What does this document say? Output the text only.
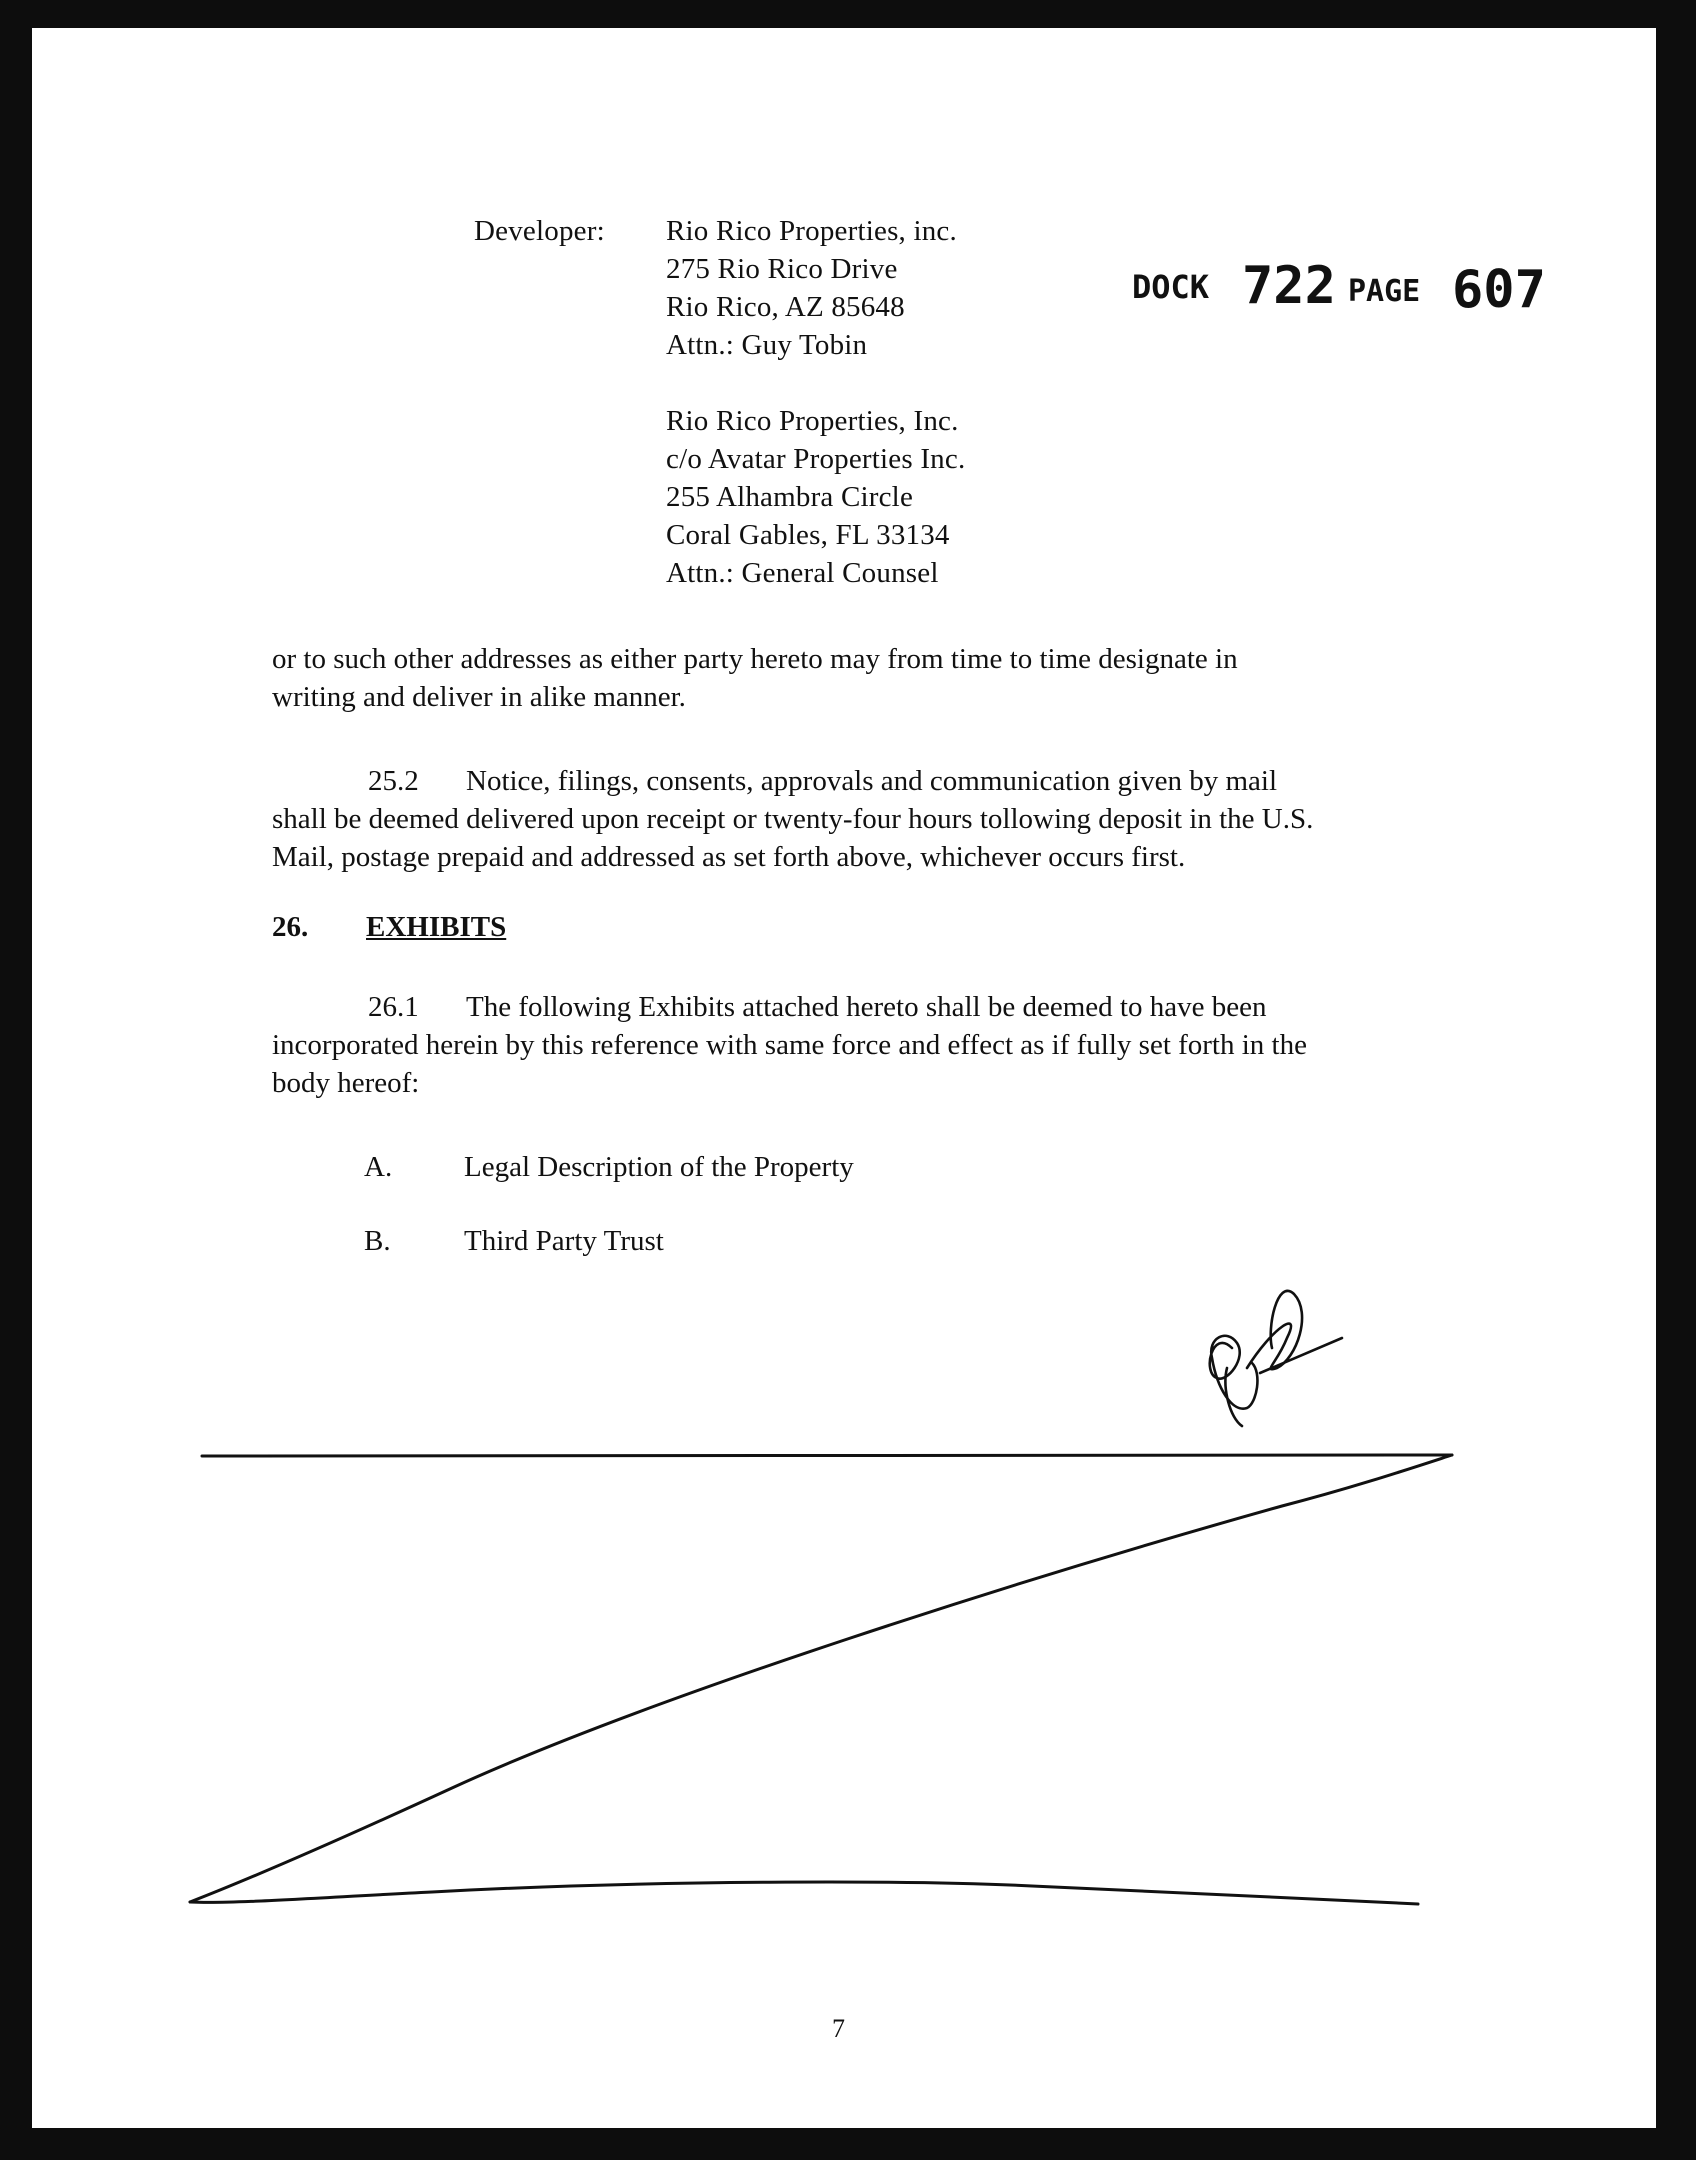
DOCK 722 PAGE 607
Developer: Rio Rico Properties, inc.
275 Rio Rico Drive
Rio Rico, AZ 85648
Attn.: Guy Tobin
Rio Rico Properties, Inc.
c/o Avatar Properties Inc.
255 Alhambra Circle
Coral Gables, FL 33134
Attn.: General Counsel
or to such other addresses as either party hereto may from time to time designate in
writing and deliver in alike manner.
25.2 Notice, filings, consents, approvals and communication given by mail
shall be deemed delivered upon receipt or twenty-four hours tollowing deposit in the U.S.
Mail, postage prepaid and addressed as set forth above, whichever occurs first.
26. EXHIBITS
26.1 The following Exhibits attached hereto shall be deemed to have been
incorporated herein by this reference with same force and effect as if fully set forth in the
body hereof:
A. Legal Description of the Property
B.	Third Party Trust
7
